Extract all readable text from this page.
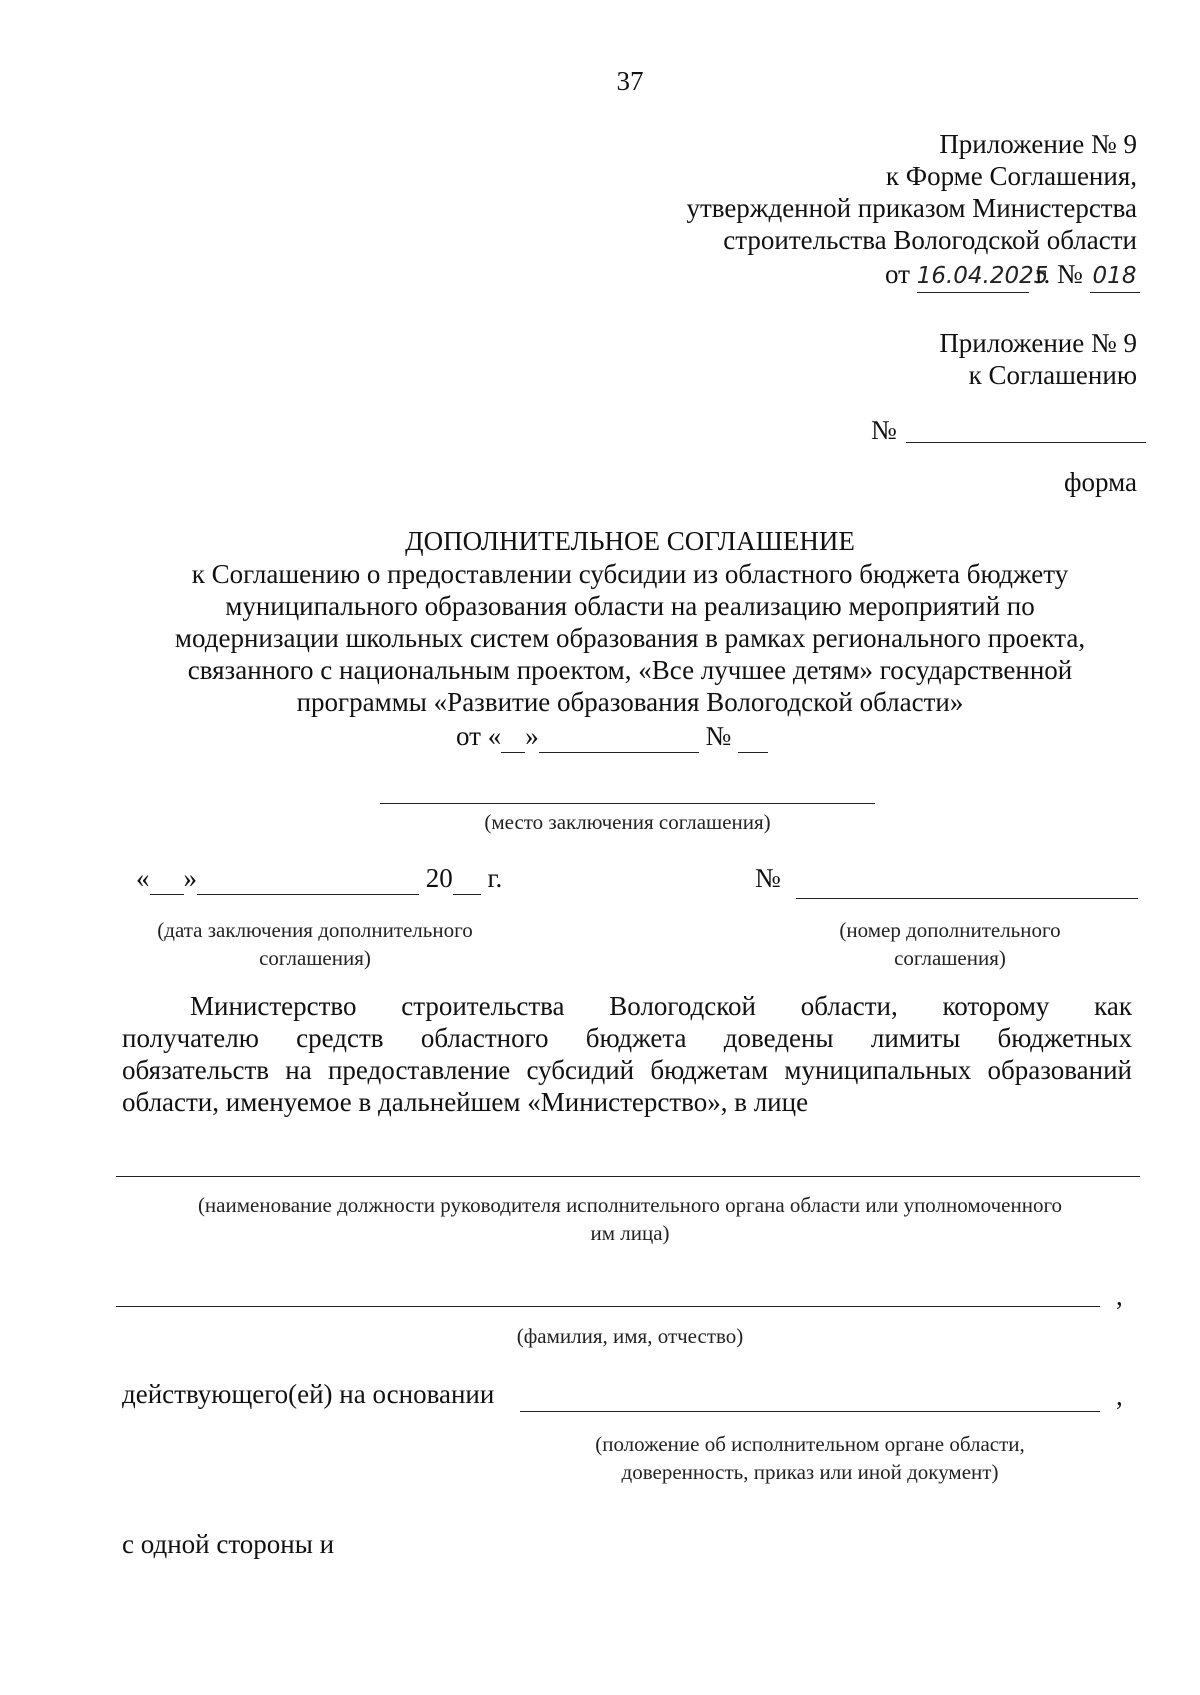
37
Приложение № 9
к Форме Соглашения,
утвержденной приказом Министерства
строительства Вологодской области
от 16.04.2025 г. № 018
Приложение № 9
к Соглашению
№
форма
ДОПОЛНИТЕЛЬНОЕ СОГЛАШЕНИЕ
к Соглашению о предоставлении субсидии из областного бюджета бюджету
муниципального образования области на реализацию мероприятий по
модернизации школьных систем образования в рамках регионального проекта,
связанного с национальным проектом, «Все лучшее детям» государственной
программы «Развитие образования Вологодской области»
от « »	№
(место заключения соглашения)
« »	20 г.	№
(дата заключения дополнительного
соглашения)
(номер дополнительного
соглашения)
Министерство строительства Вологодской области, которому как
получателю средств областного бюджета доведены лимиты бюджетных
обязательств на предоставление субсидий бюджетам муниципальных образований
области, именуемое в дальнейшем «Министерство», в лице
(наименование должности руководителя исполнительного органа области или уполномоченного
им лица)
,
(фамилия, имя, отчество)
действующего(ей) на основании	,
(положение об исполнительном органе области,
доверенность, приказ или иной документ)
с одной стороны и
